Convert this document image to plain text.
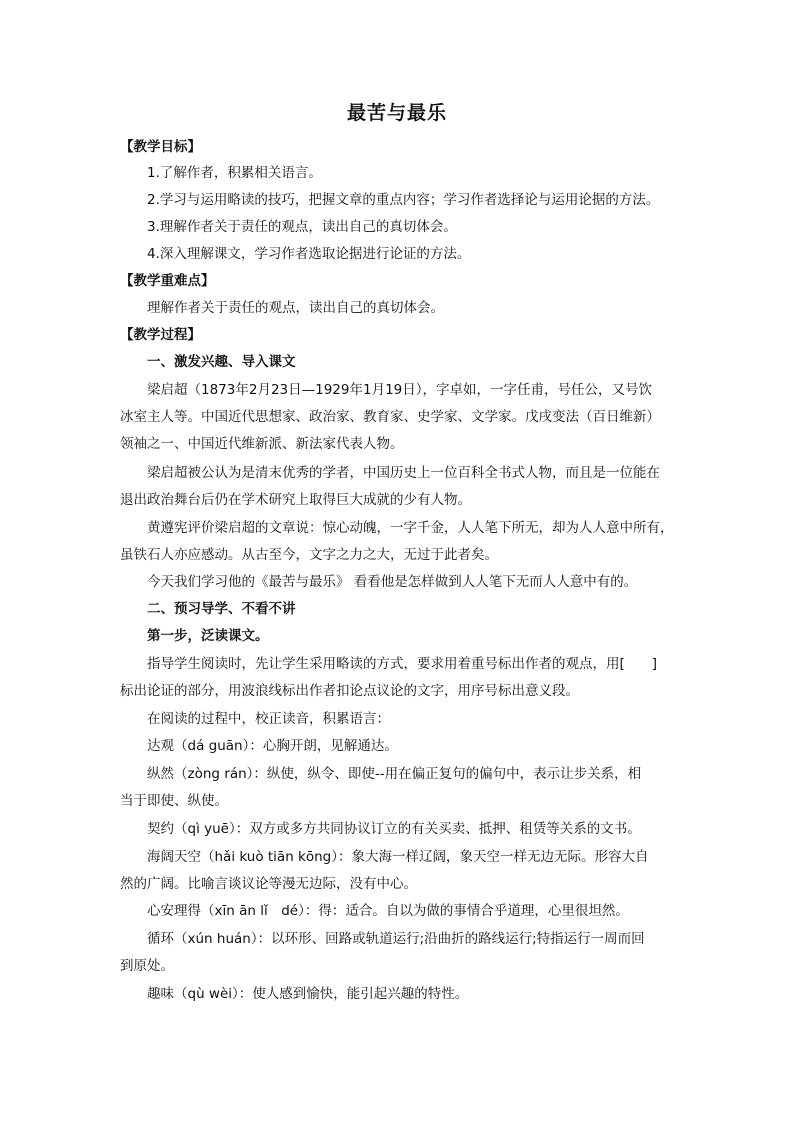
最苦与最乐
【教学目标】
1.了解作者，积累相关语言。
2.学习与运用略读的技巧，把握文章的重点内容；学习作者选择论与运用论据的方法。
3.理解作者关于责任的观点，读出自己的真切体会。
4.深入理解课文，学习作者选取论据进行论证的方法。
【教学重难点】
理解作者关于责任的观点，读出自己的真切体会。
【教学过程】
一、激发兴趣、导入课文
梁启超（1873年2月23日—1929年1月19日），字卓如，一字任甫，号任公，又号饮
冰室主人等。中国近代思想家、政治家、教育家、史学家、文学家。戊戌变法（百日维新）
领袖之一、中国近代维新派、新法家代表人物。
梁启超被公认为是清末优秀的学者，中国历史上一位百科全书式人物，而且是一位能在
退出政治舞台后仍在学术研究上取得巨大成就的少有人物。
黄遵宪评价梁启超的文章说：惊心动魄，一字千金，人人笔下所无，却为人人意中所有，
虽铁石人亦应感动。从古至今，文字之力之大，无过于此者矣。
今天我们学习他的《最苦与最乐》 看看他是怎样做到人人笔下无而人人意中有的。
二、预习导学、不看不讲
第一步，泛读课文。
指导学生阅读时，先让学生采用略读的方式，要求用着重号标出作者的观点，用[　　]
标出论证的部分，用波浪线标出作者扣论点议论的文字，用序号标出意义段。
在阅读的过程中，校正读音，积累语言：
达观（dá guān）：心胸开朗，见解通达。
纵然（zòng rán）：纵使，纵令、即使--用在偏正复句的偏句中，表示让步关系，相
当于即使、纵使。
契约（qì yuē）：双方或多方共同协议订立的有关买卖、抵押、租赁等关系的文书。
海阔天空（hǎi kuò tiān kōng）：象大海一样辽阔，象天空一样无边无际。形容大自
然的广阔。比喻言谈议论等漫无边际，没有中心。
心安理得（xīn ān lǐ　dé）：得：适合。自以为做的事情合乎道理，心里很坦然。
循环（xún huán）：以环形、回路或轨道运行;沿曲折的路线运行;特指运行一周而回
到原处。
趣味（qù wèi）：使人感到愉快，能引起兴趣的特性。
